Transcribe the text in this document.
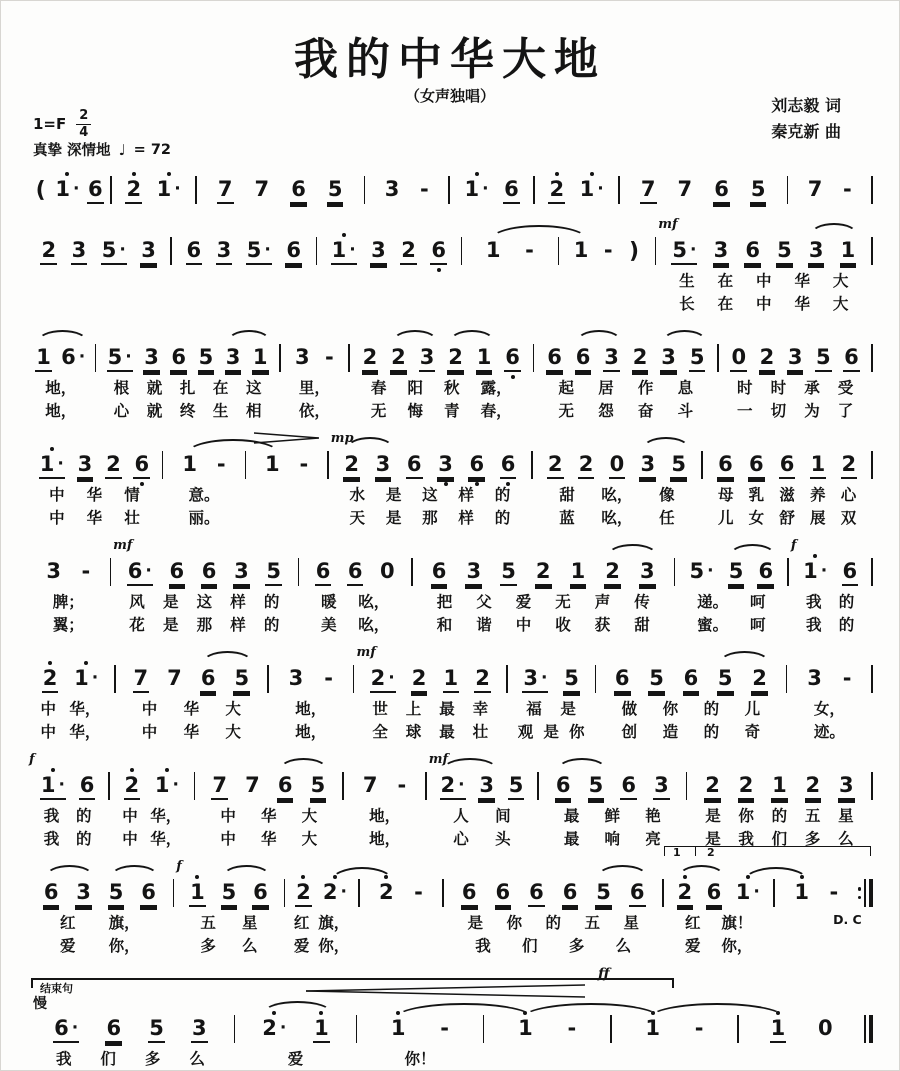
我的中华大地
（女声独唱）	刘志毅 词
秦克新 曲
1=F 2
4
真挚 深情地 ♩ = 72
( 1 · 6 2 1 · 7 7 6 5 3 - 1 · 6 2 1 · 7 7 6 5 7 -
2 3 5 · 3 6 3 5 · 6 1 · 3 2 6 1 - 1 - ) 5 · 3 6 5 3 1
mf
生 在 中 华 大
长 在 中 华 大
1 6 ·
地，
地，
5 · 3 6 5 3 1
根 就 扎 在 这
心 就 终 生 相
3 -
里，
依，
2 2 3 2 1 6
春 阳 秋 露，
无 悔 青 春，
6 6 3 2 3 5
起 居 作 息
无 怨 奋 斗
0 2 3 5 6
时 时 承 受
一 切 为 了
1 · 3 2 6
中 华 情
中 华 壮
1 -
意。
丽。
1 - 2 3 6 3 6 6
mp
水 是 这 样 的
天 是 那 样 的
2 2 0 3 5
甜 吆， 像
蓝 吆， 任
6 6 6 1 2
母 乳 滋 养 心
儿 女 舒 展 双
3 -
脾；
翼；
6 · 6 6 3 5
mf
风 是 这 样 的
花 是 那 样 的
6 6 0
暖 吆，
美 吆，
6 3 5 2 1 2 3
把 父 爱 无 声 传
和 谐 中 收 获 甜
5 · 5 6
递。 呵
蜜。 呵
1 · 6
f
我 的
我 的
2 1 ·
中 华，
中 华，
7 7 6 5
中 华 大
中 华 大
3 -
地，
地，
2 · 2 1 2
mf
世 上 最 幸
全 球 最 壮
3 · 5
福 是
观 是 你
6 5 6 5 2
做 你 的 儿
创 造 的 奇
3 -
女，
迹。
1 · 6
f
我 的
我 的
2 1 ·
中 华，
中 华，
7 7 6 5
中 华 大
中 华 大
7 -
地，
地，
2 · 3 5
mf
人 间
心 头
6 5 6 3
最 鲜 艳
最 响 亮
2 2 1 2 3
是 你 的 五 星
是 我 们 多 么
6 3 5 6
红 旗，
爱 你，
1 5 6
f
五 星
多 么
2 2 ·
红 旗，
爱 你，
2 - 6 6 6 6 5 6
是 你 的 五 星
我 们 多 么
2 6 1 ·
红 旗！
爱 你，
1 -
D. C
1 2
6 · 6 5 3
我 们 多 么
2 · 1
爱
1 -
你！
1 -	1 -	1 0
结束句
慢
ff
